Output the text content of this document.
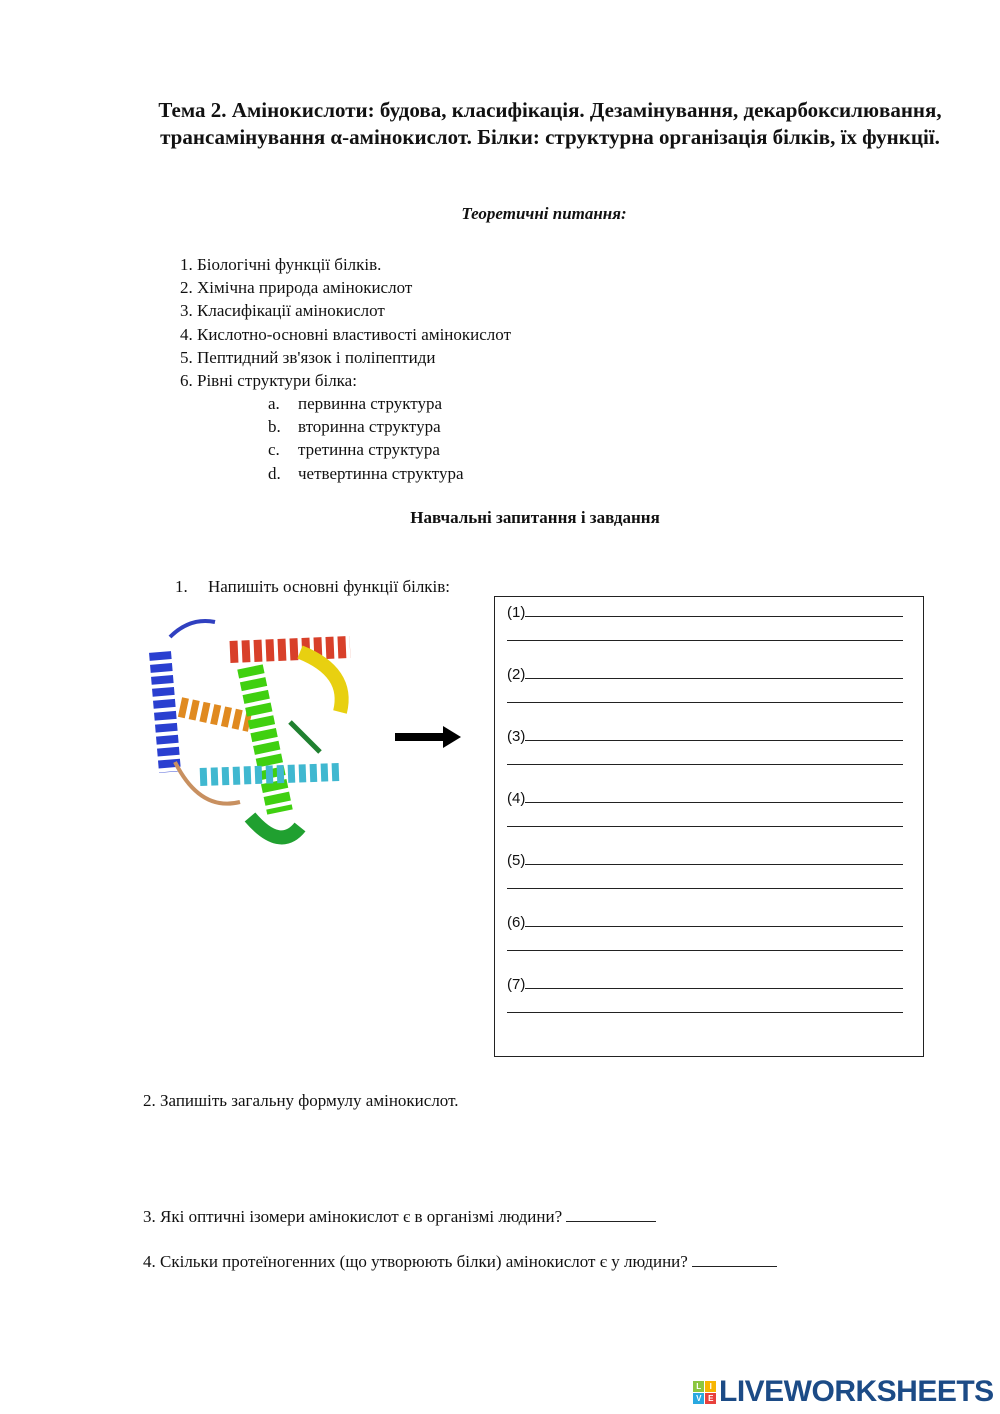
Тема 2. Амінокислоти: будова, класифікація. Дезамінування, декарбоксилювання, трансамінування α-амінокислот. Білки: структурна організація білків, їх функції.
Теоретичні питання:
1. Біологічні функції білків.
2. Хімічна природа амінокислот
3. Класифікації амінокислот
4. Кислотно-основні властивості амінокислот
5. Пептидний зв'язок і поліпептиди
6. Рівні структури білка:
a. первинна структура
b. вторинна структура
c. третинна структура
d. четвертинна структура
Навчальні запитання і завдання
1. Напишіть основні функції білків:
(1)
(2)
(3)
(4)
(5)
(6)
(7)
2. Запишіть загальну формулу амінокислот.
3. Які оптичні ізомери амінокислот є в організмі людини?
4. Скільки протеїногенних (що утворюють білки) амінокислот є у людини?
L	I
V E LIVEWORKSHEETS
